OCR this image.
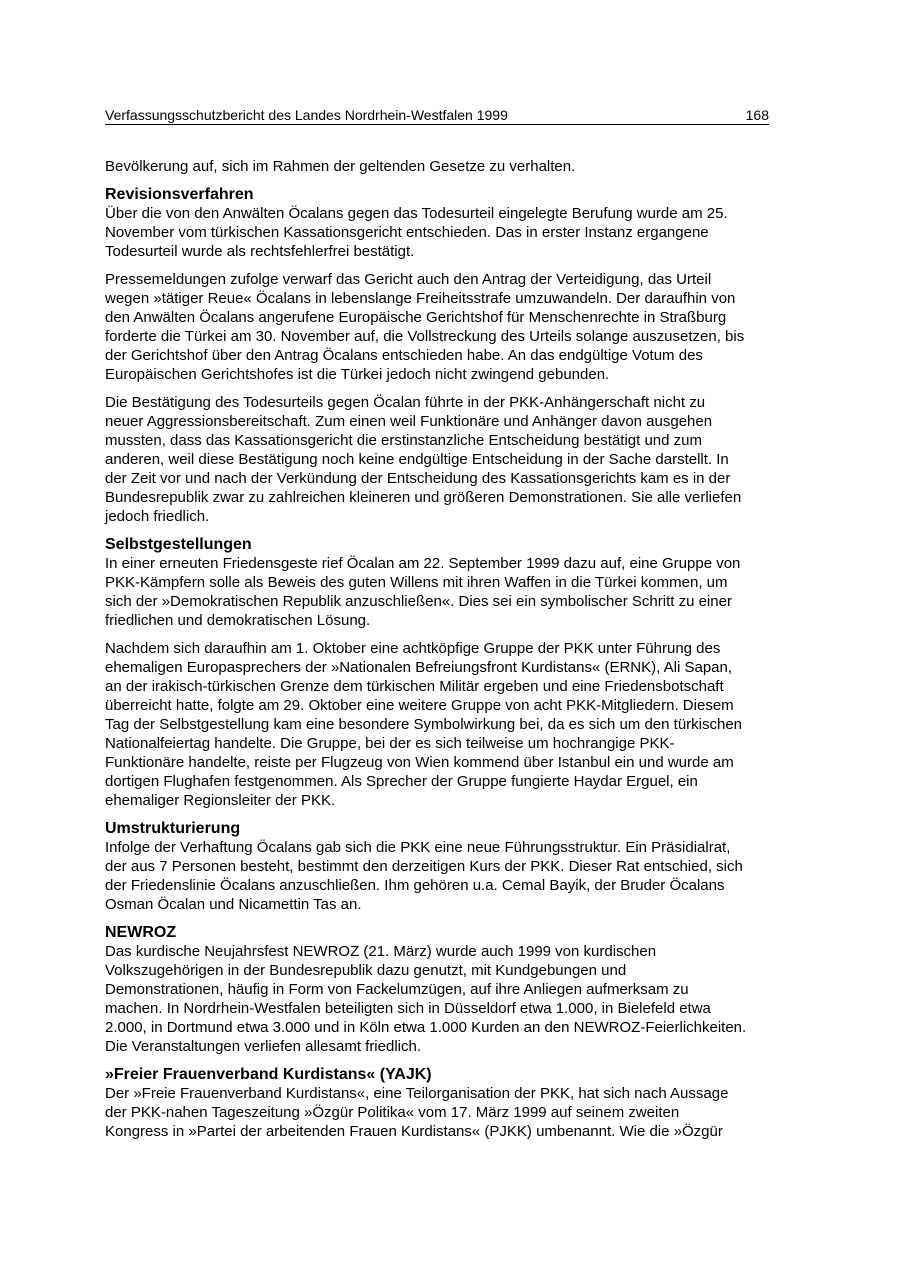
Verfassungsschutzbericht des Landes Nordrhein-Westfalen 1999	168

Bevölkerung auf, sich im Rahmen der geltenden Gesetze zu verhalten.

Revisionsverfahren

Über die von den Anwälten Öcalans gegen das Todesurteil eingelegte Berufung wurde am 25.
November vom türkischen Kassationsgericht entschieden. Das in erster Instanz ergangene
Todesurteil wurde als rechtsfehlerfrei bestätigt.

Pressemeldungen zufolge verwarf das Gericht auch den Antrag der Verteidigung, das Urteil
wegen »tätiger Reue« Öcalans in lebenslange Freiheitsstrafe umzuwandeln. Der daraufhin von
den Anwälten Öcalans angerufene Europäische Gerichtshof für Menschenrechte in Straßburg
forderte die Türkei am 30. November auf, die Vollstreckung des Urteils solange auszusetzen, bis
der Gerichtshof über den Antrag Öcalans entschieden habe. An das endgültige Votum des
Europäischen Gerichtshofes ist die Türkei jedoch nicht zwingend gebunden.

Die Bestätigung des Todesurteils gegen Öcalan führte in der PKK-Anhängerschaft nicht zu
neuer Aggressionsbereitschaft. Zum einen weil Funktionäre und Anhänger davon ausgehen
mussten, dass das Kassationsgericht die erstinstanzliche Entscheidung bestätigt und zum
anderen, weil diese Bestätigung noch keine endgültige Entscheidung in der Sache darstellt. In
der Zeit vor und nach der Verkündung der Entscheidung des Kassationsgerichts kam es in der
Bundesrepublik zwar zu zahlreichen kleineren und größeren Demonstrationen. Sie alle verliefen
jedoch friedlich.

Selbstgestellungen

In einer erneuten Friedensgeste rief Öcalan am 22. September 1999 dazu auf, eine Gruppe von
PKK-Kämpfern solle als Beweis des guten Willens mit ihren Waffen in die Türkei kommen, um
sich der »Demokratischen Republik anzuschließen«. Dies sei ein symbolischer Schritt zu einer
friedlichen und demokratischen Lösung.

Nachdem sich daraufhin am 1. Oktober eine achtköpfige Gruppe der PKK unter Führung des
ehemaligen Europasprechers der »Nationalen Befreiungsfront Kurdistans« (ERNK), Ali Sapan,
an der irakisch-türkischen Grenze dem türkischen Militär ergeben und eine Friedensbotschaft
überreicht hatte, folgte am 29. Oktober eine weitere Gruppe von acht PKK-Mitgliedern. Diesem
Tag der Selbstgestellung kam eine besondere Symbolwirkung bei, da es sich um den türkischen
Nationalfeiertag handelte. Die Gruppe, bei der es sich teilweise um hochrangige PKK-
Funktionäre handelte, reiste per Flugzeug von Wien kommend über Istanbul ein und wurde am
dortigen Flughafen festgenommen. Als Sprecher der Gruppe fungierte Haydar Erguel, ein
ehemaliger Regionsleiter der PKK.

Umstrukturierung

Infolge der Verhaftung Öcalans gab sich die PKK eine neue Führungsstruktur. Ein Präsidialrat,
der aus 7 Personen besteht, bestimmt den derzeitigen Kurs der PKK. Dieser Rat entschied, sich
der Friedenslinie Öcalans anzuschließen. Ihm gehören u.a. Cemal Bayik, der Bruder Öcalans
Osman Öcalan und Nicamettin Tas an.

NEWROZ

Das kurdische Neujahrsfest NEWROZ (21. März) wurde auch 1999 von kurdischen
Volkszugehörigen in der Bundesrepublik dazu genutzt, mit Kundgebungen und
Demonstrationen, häufig in Form von Fackelumzügen, auf ihre Anliegen aufmerksam zu
machen. In Nordrhein-Westfalen beteiligten sich in Düsseldorf etwa 1.000, in Bielefeld etwa
2.000, in Dortmund etwa 3.000 und in Köln etwa 1.000 Kurden an den NEWROZ-Feierlichkeiten.
Die Veranstaltungen verliefen allesamt friedlich.

»Freier Frauenverband Kurdistans« (YAJK)

Der »Freie Frauenverband Kurdistans«, eine Teilorganisation der PKK, hat sich nach Aussage
der PKK-nahen Tageszeitung »Özgür Politika« vom 17. März 1999 auf seinem zweiten
Kongress in »Partei der arbeitenden Frauen Kurdistans« (PJKK) umbenannt. Wie die »Özgür
